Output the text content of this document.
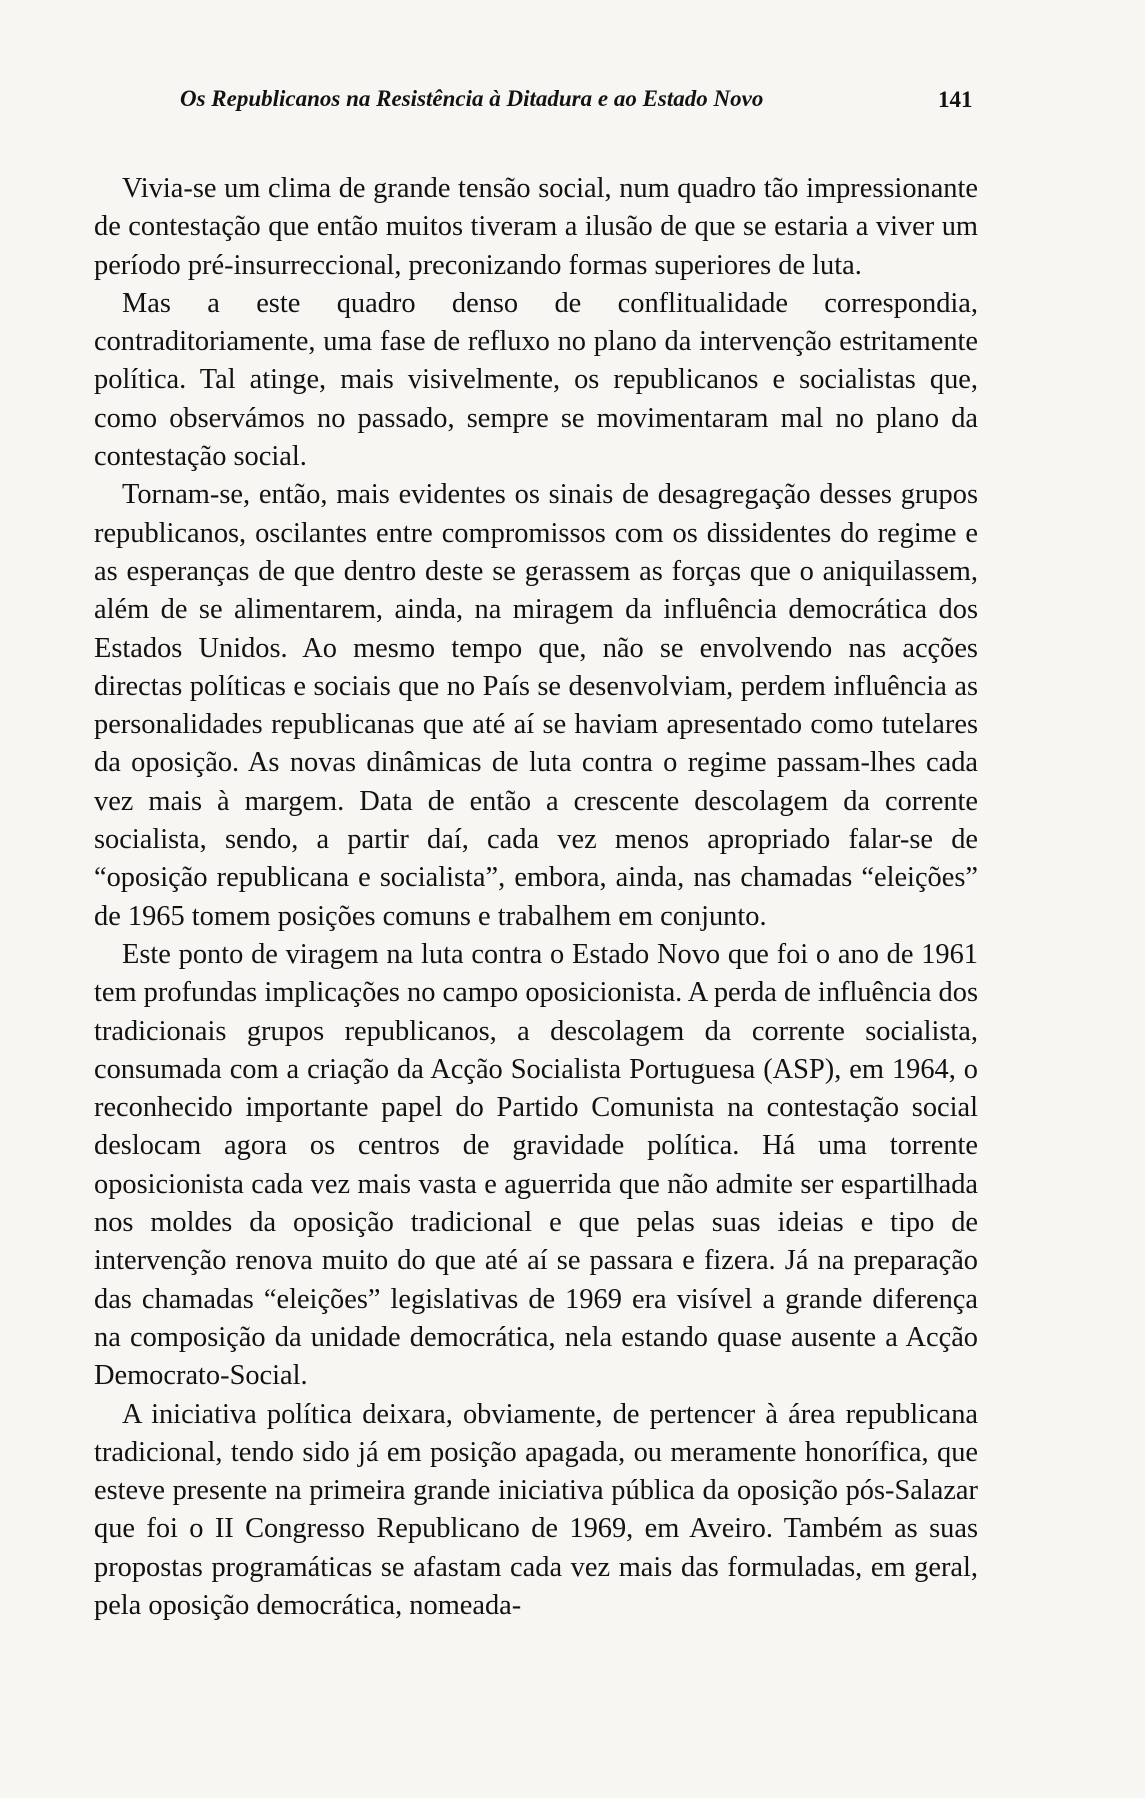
Os Republicanos na Resistência à Ditadura e ao Estado Novo	141

Vivia-se um clima de grande tensão social, num quadro tão impressionante de contestação que então muitos tiveram a ilusão de que se estaria a viver um período pré-insurreccional, preconizando formas superiores de luta.

Mas a este quadro denso de conflitualidade correspondia, contraditoriamente, uma fase de refluxo no plano da intervenção estritamente política. Tal atinge, mais visivelmente, os republicanos e socialistas que, como observámos no passado, sempre se movimentaram mal no plano da contestação social.

Tornam-se, então, mais evidentes os sinais de desagregação desses grupos republicanos, oscilantes entre compromissos com os dissidentes do regime e as esperanças de que dentro deste se gerassem as forças que o aniquilassem, além de se alimentarem, ainda, na miragem da influência democrática dos Estados Unidos. Ao mesmo tempo que, não se envolvendo nas acções directas políticas e sociais que no País se desenvolviam, perdem influência as personalidades republicanas que até aí se haviam apresentado como tutelares da oposição. As novas dinâmicas de luta contra o regime passam-lhes cada vez mais à margem. Data de então a crescente descolagem da corrente socialista, sendo, a partir daí, cada vez menos apropriado falar-se de “oposição republicana e socialista”, embora, ainda, nas chamadas “eleições” de 1965 tomem posições comuns e trabalhem em conjunto.

Este ponto de viragem na luta contra o Estado Novo que foi o ano de 1961 tem profundas implicações no campo oposicionista. A perda de influência dos tradicionais grupos republicanos, a descolagem da corrente socialista, consumada com a criação da Acção Socialista Portuguesa (ASP), em 1964, o reconhecido importante papel do Partido Comunista na contestação social deslocam agora os centros de gravidade política. Há uma torrente oposicionista cada vez mais vasta e aguerrida que não admite ser espartilhada nos moldes da oposição tradicional e que pelas suas ideias e tipo de intervenção renova muito do que até aí se passara e fizera. Já na preparação das chamadas “eleições” legislativas de 1969 era visível a grande diferença na composição da unidade democrática, nela estando quase ausente a Acção Democrato-Social.

A iniciativa política deixara, obviamente, de pertencer à área republicana tradicional, tendo sido já em posição apagada, ou meramente honorífica, que esteve presente na primeira grande iniciativa pública da oposição pós-Salazar que foi o II Congresso Republicano de 1969, em Aveiro. Também as suas propostas programáticas se afastam cada vez mais das formuladas, em geral, pela oposição democrática, nomeada-
